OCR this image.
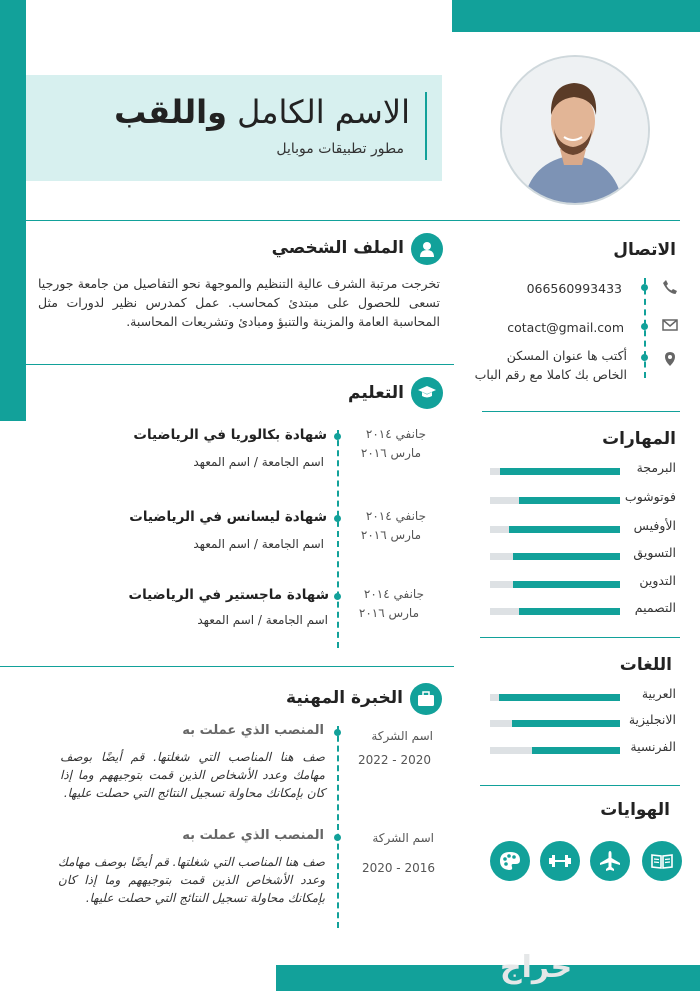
حراج
الاسم الكامل واللقب
مطور تطبيقات موبايل
الملف الشخصي
تخرجت مرتبة الشرف عالية التنظيم والموجهة نحو التفاصيل من جامعة جورجيا تسعى للحصول على مبتدئ كمحاسب. عمل كمدرس نظير لدورات مثل المحاسبة العامة والمزينة والتنبؤ ومبادئ وتشريعات المحاسبة.
الاتصال
066560993433
cotact@gmail.com
أكتب ها عنوان المسكن
الخاص بك كاملا مع رقم الباب
التعليم
شهادة بكالوريا في الرياضيات
اسم الجامعة / اسم المعهد
جانفي ٢٠١٤
مارس ٢٠١٦
شهادة ليسانس في الرياضيات
اسم الجامعة / اسم المعهد
جانفي ٢٠١٤
مارس ٢٠١٦
شهادة ماجستير في الرياضيات
اسم الجامعة / اسم المعهد
جانفي ٢٠١٤
مارس ٢٠١٦
المهارات
اللغات
الخبرة المهنية
المنصب الذي عملت به
صف هنا المناصب التي شغلتها. قم أيضًا بوصف مهامك وعدد الأشخاص الذين قمت بتوجيههم وما إذا كان بإمكانك محاولة تسجيل النتائج التي حصلت عليها.
اسم الشركة
2022 - 2020
المنصب الذي عملت به
صف هنا المناصب التي شغلتها. قم أيضًا بوصف مهامك وعدد الأشخاص الذين قمت بتوجيههم وما إذا كان بإمكانك محاولة تسجيل النتائج التي حصلت عليها.
اسم الشركة
2020 - 2016
الهوايات
البرمجة
فوتوشوب
الأوفيس
التسويق
التدوين
التصميم
العربية
الانجليزية
الفرنسية
